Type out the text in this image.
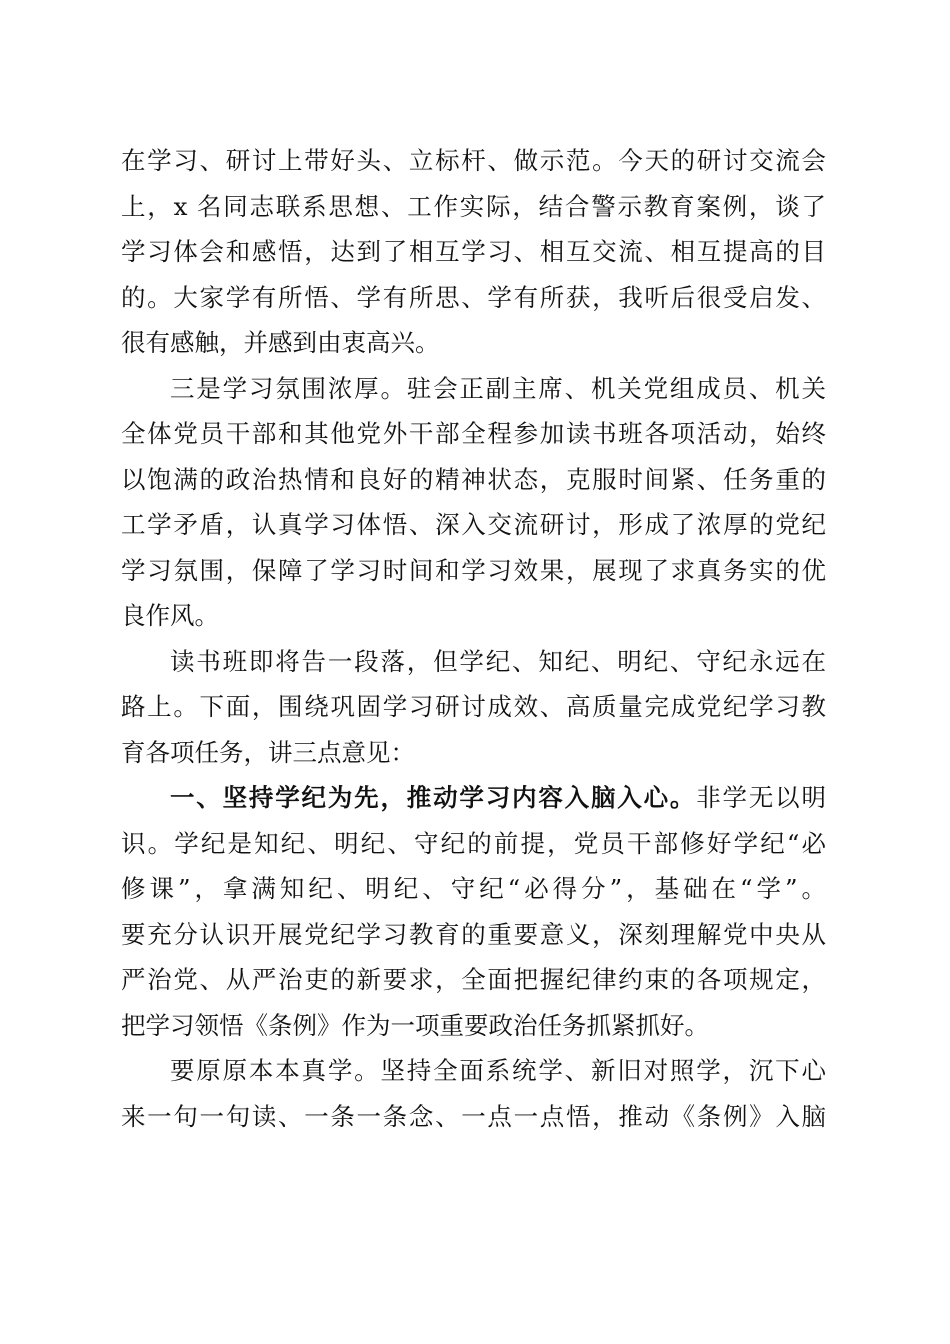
在学习、研讨上带好头、立标杆、做示范。今天的研讨交流会
上，x 名同志联系思想、工作实际，结合警示教育案例，谈了
学习体会和感悟，达到了相互学习、相互交流、相互提高的目
的。大家学有所悟、学有所思、学有所获，我听后很受启发、
很有感触，并感到由衷高兴。
三是学习氛围浓厚。驻会正副主席、机关党组成员、机关
全体党员干部和其他党外干部全程参加读书班各项活动，始终
以饱满的政治热情和良好的精神状态，克服时间紧、任务重的
工学矛盾，认真学习体悟、深入交流研讨，形成了浓厚的党纪
学习氛围，保障了学习时间和学习效果，展现了求真务实的优
良作风。
读书班即将告一段落，但学纪、知纪、明纪、守纪永远在
路上。下面，围绕巩固学习研讨成效、高质量完成党纪学习教
育各项任务，讲三点意见：
一、坚持学纪为先，推动学习内容入脑入心。非学无以明
识。学纪是知纪、明纪、守纪的前提，党员干部修好学纪“必
修课”，拿满知纪、明纪、守纪“必得分”，基础在“学”。
要充分认识开展党纪学习教育的重要意义，深刻理解党中央从
严治党、从严治吏的新要求，全面把握纪律约束的各项规定，
把学习领悟《条例》作为一项重要政治任务抓紧抓好。
要原原本本真学。坚持全面系统学、新旧对照学，沉下心
来一句一句读、一条一条念、一点一点悟，推动《条例》入脑
